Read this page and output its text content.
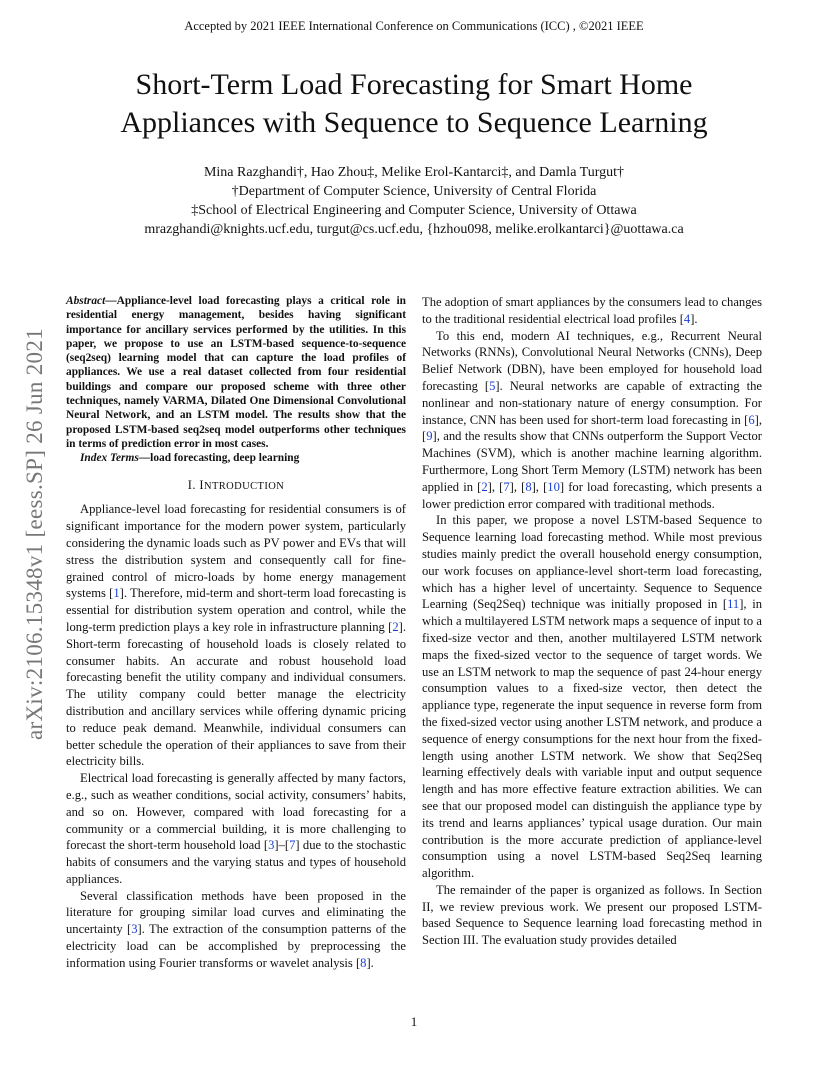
Accepted by 2021 IEEE International Conference on Communications (ICC) , ©2021 IEEE
Short-Term Load Forecasting for Smart Home
Appliances with Sequence to Sequence Learning
Mina Razghandi†, Hao Zhou‡, Melike Erol-Kantarci‡, and Damla Turgut†
†Department of Computer Science, University of Central Florida
‡School of Electrical Engineering and Computer Science, University of Ottawa
mrazghandi@knights.ucf.edu, turgut@cs.ucf.edu, {hzhou098, melike.erolkantarci}@uottawa.ca
arXiv:2106.15348v1 [eess.SP] 26 Jun 2021

Abstract—Appliance-level load forecasting plays a critical role in residential energy management, besides having significant importance for ancillary services performed by the utilities. In this paper, we propose to use an LSTM-based sequence-to-sequence (seq2seq) learning model that can capture the load profiles of appliances. We use a real dataset collected from four residential buildings and compare our proposed scheme with three other techniques, namely VARMA, Dilated One Dimensional Convolutional Neural Network, and an LSTM model. The results show that the proposed LSTM-based seq2seq model outperforms other techniques in terms of prediction error in most cases.

Index Terms—load forecasting, deep learning

I. INTRODUCTION

Appliance-level load forecasting for residential consumers is of significant importance for the modern power system, particularly considering the dynamic loads such as PV power and EVs that will stress the distribution system and consequently call for fine-grained control of micro-loads by home energy management systems [1]. Therefore, mid-term and short-term load forecasting is essential for distribution system operation and control, while the long-term prediction plays a key role in infrastructure planning [2]. Short-term forecasting of household loads is closely related to consumer habits. An accurate and robust household load forecasting benefit the utility company and individual consumers. The utility company could better manage the electricity distribution and ancillary services while offering dynamic pricing to reduce peak demand. Meanwhile, individual consumers can better schedule the operation of their appliances to save from their electricity bills.

Electrical load forecasting is generally affected by many factors, e.g., such as weather conditions, social activity, consumers’ habits, and so on. However, compared with load forecasting for a community or a commercial building, it is more challenging to forecast the short-term household load [3]–[7] due to the stochastic habits of consumers and the varying status and types of household appliances.

Several classification methods have been proposed in the literature for grouping similar load curves and eliminating the uncertainty [3]. The extraction of the consumption patterns of the electricity load can be accomplished by preprocessing the information using Fourier transforms or wavelet analysis [8].

The adoption of smart appliances by the consumers lead to changes to the traditional residential electrical load profiles [4].

To this end, modern AI techniques, e.g., Recurrent Neural Networks (RNNs), Convolutional Neural Networks (CNNs), Deep Belief Network (DBN), have been employed for household load forecasting [5]. Neural networks are capable of extracting the nonlinear and non-stationary nature of energy consumption. For instance, CNN has been used for short-term load forecasting in [6], [9], and the results show that CNNs outperform the Support Vector Machines (SVM), which is another machine learning algorithm. Furthermore, Long Short Term Memory (LSTM) network has been applied in [2], [7], [8], [10] for load forecasting, which presents a lower prediction error compared with traditional methods.

In this paper, we propose a novel LSTM-based Sequence to Sequence learning load forecasting method. While most previous studies mainly predict the overall household energy consumption, our work focuses on appliance-level short-term load forecasting, which has a higher level of uncertainty. Sequence to Sequence Learning (Seq2Seq) technique was initially proposed in [11], in which a multilayered LSTM network maps a sequence of input to a fixed-size vector and then, another multilayered LSTM network maps the fixed-sized vector to the sequence of target words. We use an LSTM network to map the sequence of past 24-hour energy consumption values to a fixed-size vector, then detect the appliance type, regenerate the input sequence in reverse form from the fixed-sized vector using another LSTM network, and produce a sequence of energy consumptions for the next hour from the fixed-length using another LSTM network. We show that Seq2Seq learning effectively deals with variable input and output sequence length and has more effective feature extraction abilities. We can see that our proposed model can distinguish the appliance type by its trend and learns appliances’ typical usage duration. Our main contribution is the more accurate prediction of appliance-level consumption using a novel LSTM-based Seq2Seq learning algorithm.

The remainder of the paper is organized as follows. In Section II, we review previous work. We present our proposed LSTM-based Sequence to Sequence learning load forecasting method in Section III. The evaluation study provides detailed

1
